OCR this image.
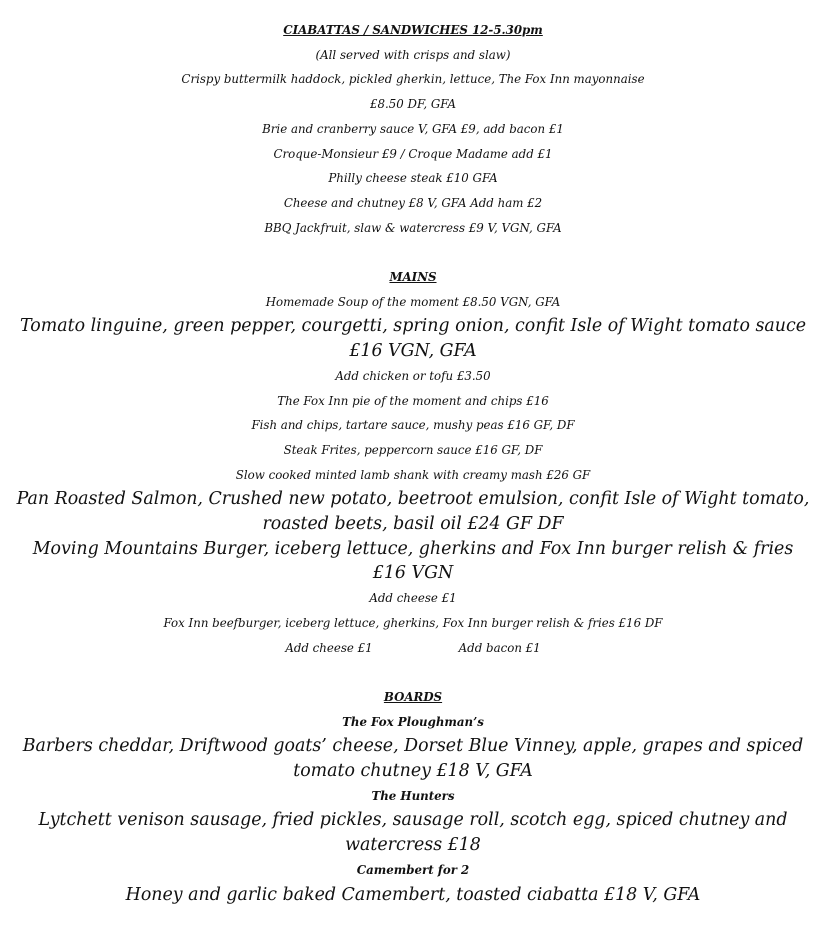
CIABATTAS / SANDWICHES 12-5.30pm
(All served with crisps and slaw)
Crispy buttermilk haddock, pickled gherkin, lettuce, The Fox Inn mayonnaise
£8.50 DF, GFA
Brie and cranberry sauce V, GFA £9, add bacon £1
Croque-Monsieur £9 / Croque Madame add £1
Philly cheese steak £10 GFA
Cheese and chutney £8 V, GFA Add ham £2
BBQ Jackfruit, slaw & watercress £9 V, VGN, GFA
MAINS
Homemade Soup of the moment £8.50 VGN, GFA
Tomato linguine, green pepper, courgetti, spring onion, confit Isle of Wight tomato sauce £16 VGN, GFA
Add chicken or tofu £3.50
The Fox Inn pie of the moment and chips £16
Fish and chips, tartare sauce, mushy peas £16 GF, DF
Steak Frites, peppercorn sauce £16 GF, DF
Slow cooked minted lamb shank with creamy mash £26 GF
Pan Roasted Salmon, Crushed new potato, beetroot emulsion, confit Isle of Wight tomato, roasted beets, basil oil £24 GF DF
Moving Mountains Burger, iceberg lettuce, gherkins and Fox Inn burger relish & fries £16 VGN
Add cheese £1
Fox Inn beefburger, iceberg lettuce, gherkins, Fox Inn burger relish & fries £16 DF
Add cheese £1	Add bacon £1
BOARDS
The Fox Ploughman’s
Barbers cheddar, Driftwood goats’ cheese, Dorset Blue Vinney, apple, grapes and spiced tomato chutney £18 V, GFA
The Hunters
Lytchett venison sausage, fried pickles, sausage roll, scotch egg, spiced chutney and watercress £18
Camembert for 2
Honey and garlic baked Camembert, toasted ciabatta £18 V, GFA
